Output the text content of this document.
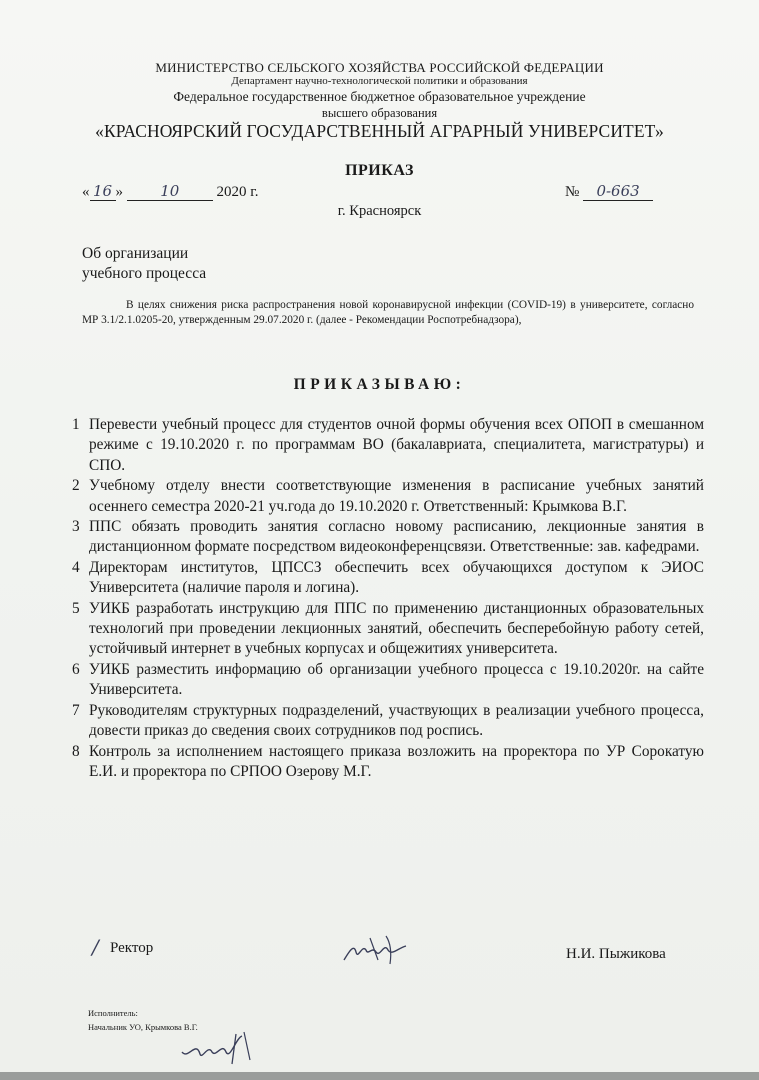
МИНИСТЕРСТВО СЕЛЬСКОГО ХОЗЯЙСТВА РОССИЙСКОЙ ФЕДЕРАЦИИ
Департамент научно-технологической политики и образования
Федеральное государственное бюджетное образовательное учреждение
высшего образования
«КРАСНОЯРСКИЙ ГОСУДАРСТВЕННЫЙ АГРАРНЫЙ УНИВЕРСИТЕТ»
ПРИКАЗ
« 16 » 10 2020 г.	№ 0-663
г. Красноярск
Об организации
учебного процесса
В целях снижения риска распространения новой коронавирусной инфекции (COVID-19) в университете, согласно МР 3.1/2.1.0205-20, утвержденным 29.07.2020 г. (далее - Рекомендации Роспотребнадзора),
ПРИКАЗЫВАЮ:
1 Перевести учебный процесс для студентов очной формы обучения всех ОПОП в смешанном режиме с 19.10.2020 г. по программам ВО (бакалавриата, специалитета, магистратуры) и СПО.
2 Учебному отделу внести соответствующие изменения в расписание учебных занятий осеннего семестра 2020-21 уч.года до 19.10.2020 г. Ответственный: Крымкова В.Г.
3 ППС обязать проводить занятия согласно новому расписанию, лекционные занятия в дистанционном формате посредством видеоконференцсвязи. Ответственные: зав. кафедрами.
4 Директорам институтов, ЦПССЗ обеспечить всех обучающихся доступом к ЭИОС Университета (наличие пароля и логина).
5 УИКБ разработать инструкцию для ППС по применению дистанционных образовательных технологий при проведении лекционных занятий, обеспечить бесперебойную работу сетей, устойчивый интернет в учебных корпусах и общежитиях университета.
6 УИКБ разместить информацию об организации учебного процесса с 19.10.2020г. на сайте Университета.
7 Руководителям структурных подразделений, участвующих в реализации учебного процесса, довести приказ до сведения своих сотрудников под роспись.
8 Контроль за исполнением настоящего приказа возложить на проректора по УР Сорокатую Е.И. и проректора по СРПОО Озерову М.Г.
/ Ректор	Н.И. Пыжикова
Исполнитель:
Начальник УО, Крымкова В.Г.
